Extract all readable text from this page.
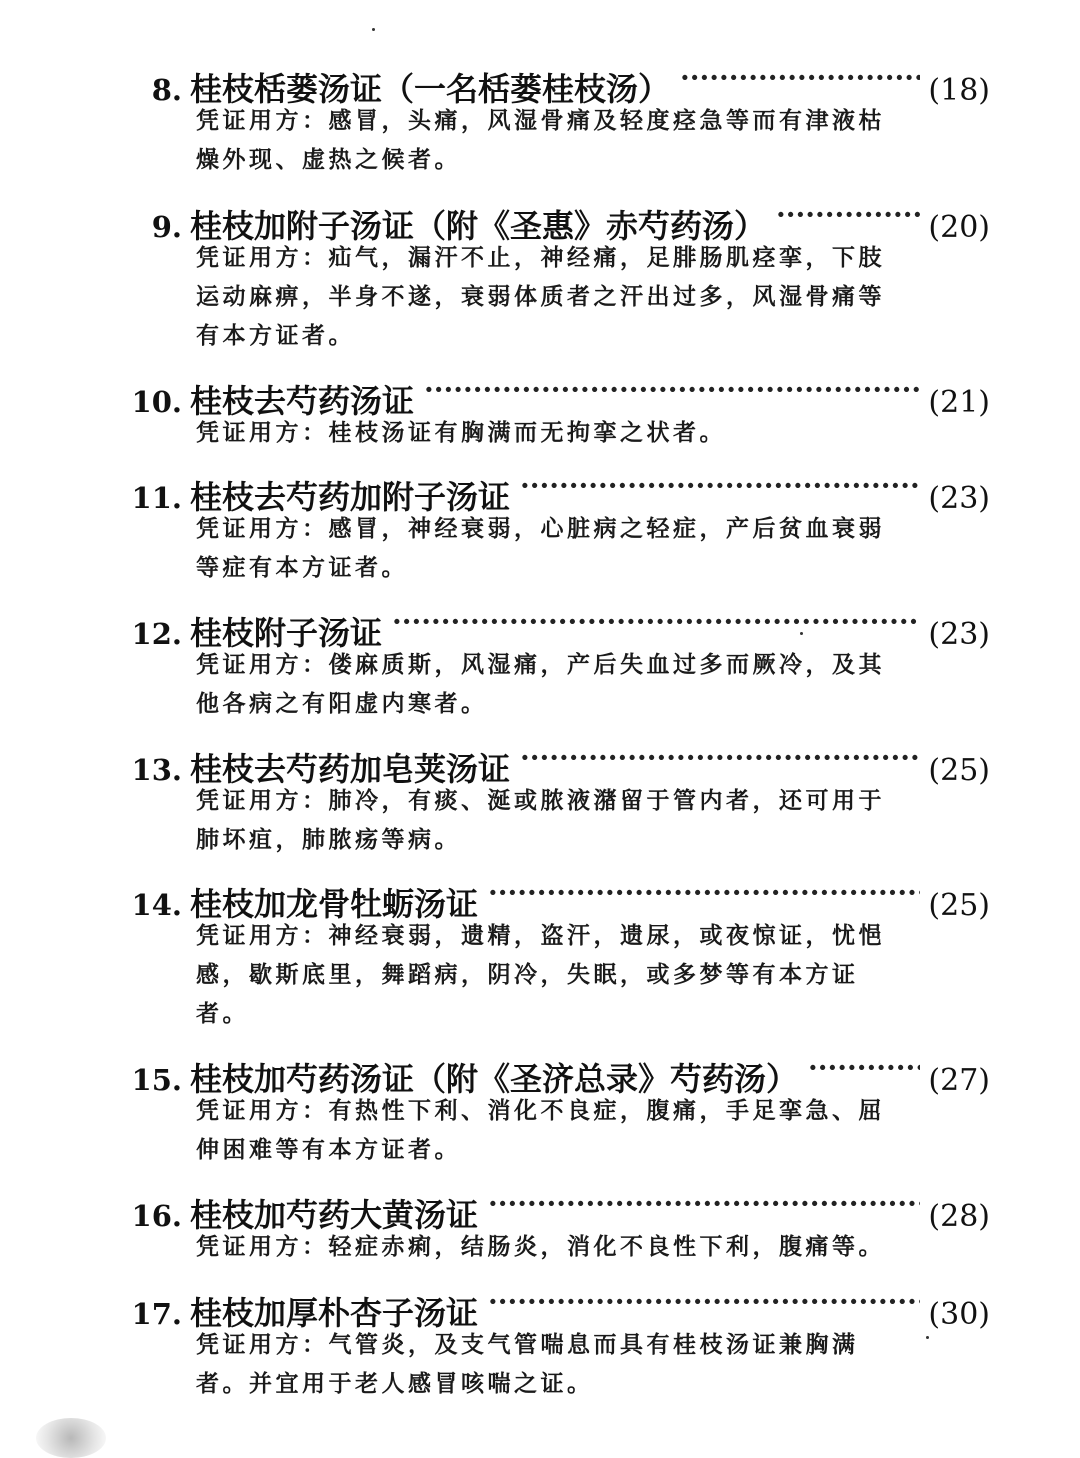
8. 桂枝栝蒌汤证（一名栝蒌桂枝汤） ·····	(18)
凭证用方：感冒，头痛，风湿骨痛及轻度痉急等而有津液枯燥外现、虚热之候者。
9. 桂枝加附子汤证（附《圣惠》赤芍药汤） ·····	(20)
凭证用方：疝气，漏汗不止，神经痛，足腓肠肌痉挛，下肢运动麻痹，半身不遂，衰弱体质者之汗出过多，风湿骨痛等有本方证者。
10. 桂枝去芍药汤证 ·····	(21)
凭证用方：桂枝汤证有胸满而无拘挛之状者。
11. 桂枝去芍药加附子汤证 ·····	(23)
凭证用方：感冒，神经衰弱，心脏病之轻症，产后贫血衰弱等症有本方证者。
12. 桂枝附子汤证 ·····	(23)
凭证用方：偻麻质斯，风湿痛，产后失血过多而厥冷，及其他各病之有阳虚内寒者。
13. 桂枝去芍药加皂荚汤证 ·····	(25)
凭证用方：肺冷，有痰、涎或脓液潴留于管内者，还可用于肺坏疽，肺脓疡等病。
14. 桂枝加龙骨牡蛎汤证 ·····	(25)
凭证用方：神经衰弱，遗精，盗汗，遗尿，或夜惊证，忧悒感，歇斯底里，舞蹈病，阴冷，失眠，或多梦等有本方证者。
15. 桂枝加芍药汤证（附《圣济总录》芍药汤） ·····	(27)
凭证用方：有热性下利、消化不良症，腹痛，手足挛急、屈伸困难等有本方证者。
16. 桂枝加芍药大黄汤证 ·····	(28)
凭证用方：轻症赤痢，结肠炎，消化不良性下利，腹痛等。
17. 桂枝加厚朴杏子汤证 ·····	(30)
凭证用方：气管炎，及支气管喘息而具有桂枝汤证兼胸满者。并宜用于老人感冒咳喘之证。
